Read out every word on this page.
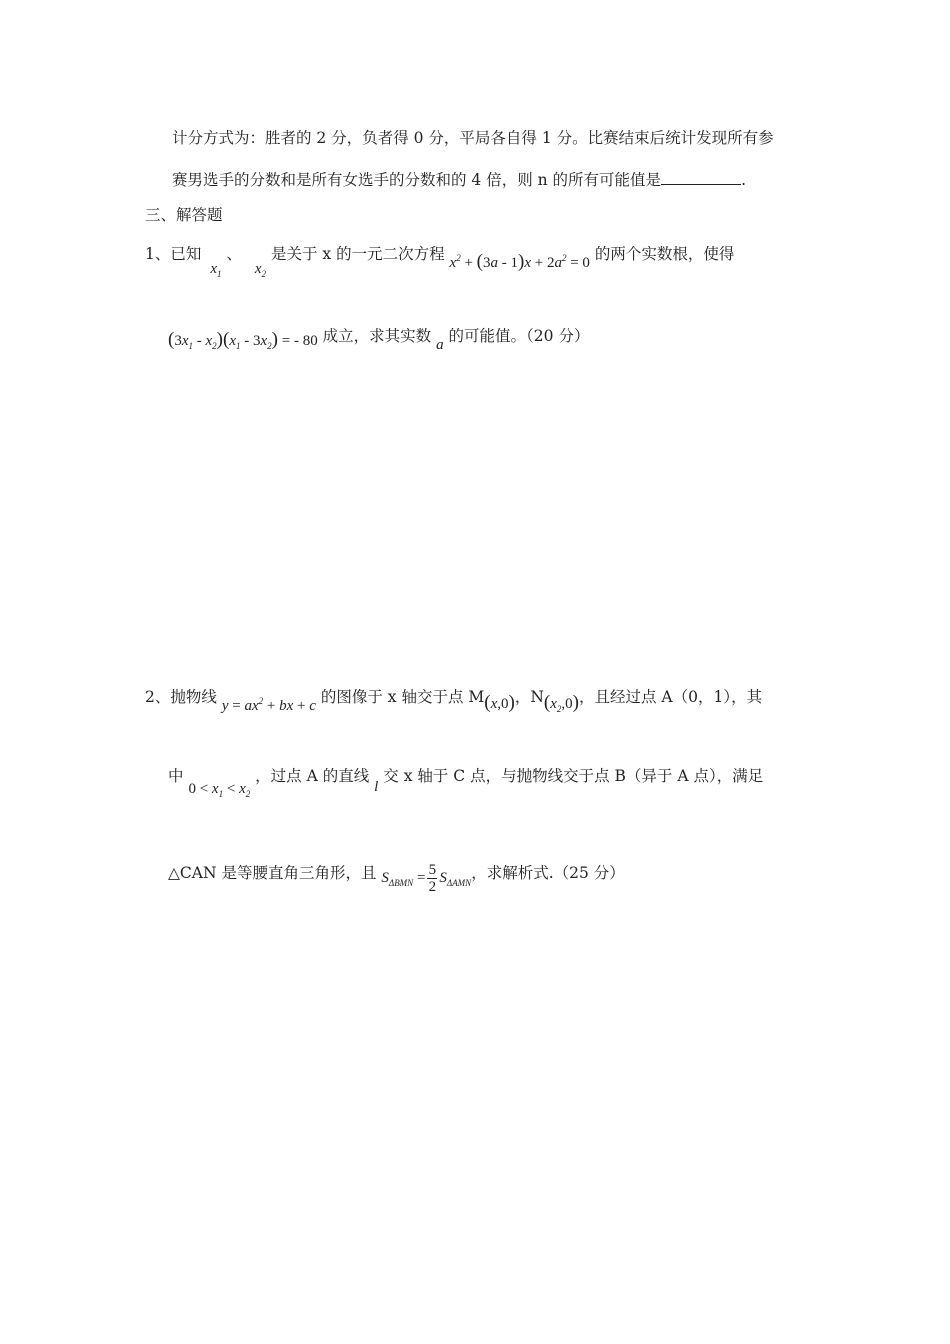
计分方式为：胜者的 2 分，负者得 0 分，平局各自得 1 分。比赛结束后统计发现所有参
赛男选手的分数和是所有女选手的分数和的 4 倍，则 n 的所有可能值是	.
三、解答题
1、已知 $x_1$ 、 $x_2$ 是关于 x 的一元二次方程 $x^2 + (3a - 1)x + 2a^2 = 0$ 的两个实数根，使得
$(3x_1 - x_2)(x_1 - 3x_2)$ = - 80 成立，求其实数 a 的可能值。（20 分）
2、抛物线 $y = ax^2$ + bx + c 的图像于 x 轴交于点 M(x,0)，$N(x_2,0)$，且经过点 A（0，1），其
中 $0 < x_1 < x_2$ ，过点 A 的直线 l 交 x 轴于 C 点，与抛物线交于点 B（异于 A 点），满足
△CAN 是等腰直角三角形，且 $S_{\Delta BMN} = \frac{5}{2} S_{\Delta AMN}$，求解析式.（25 分）
